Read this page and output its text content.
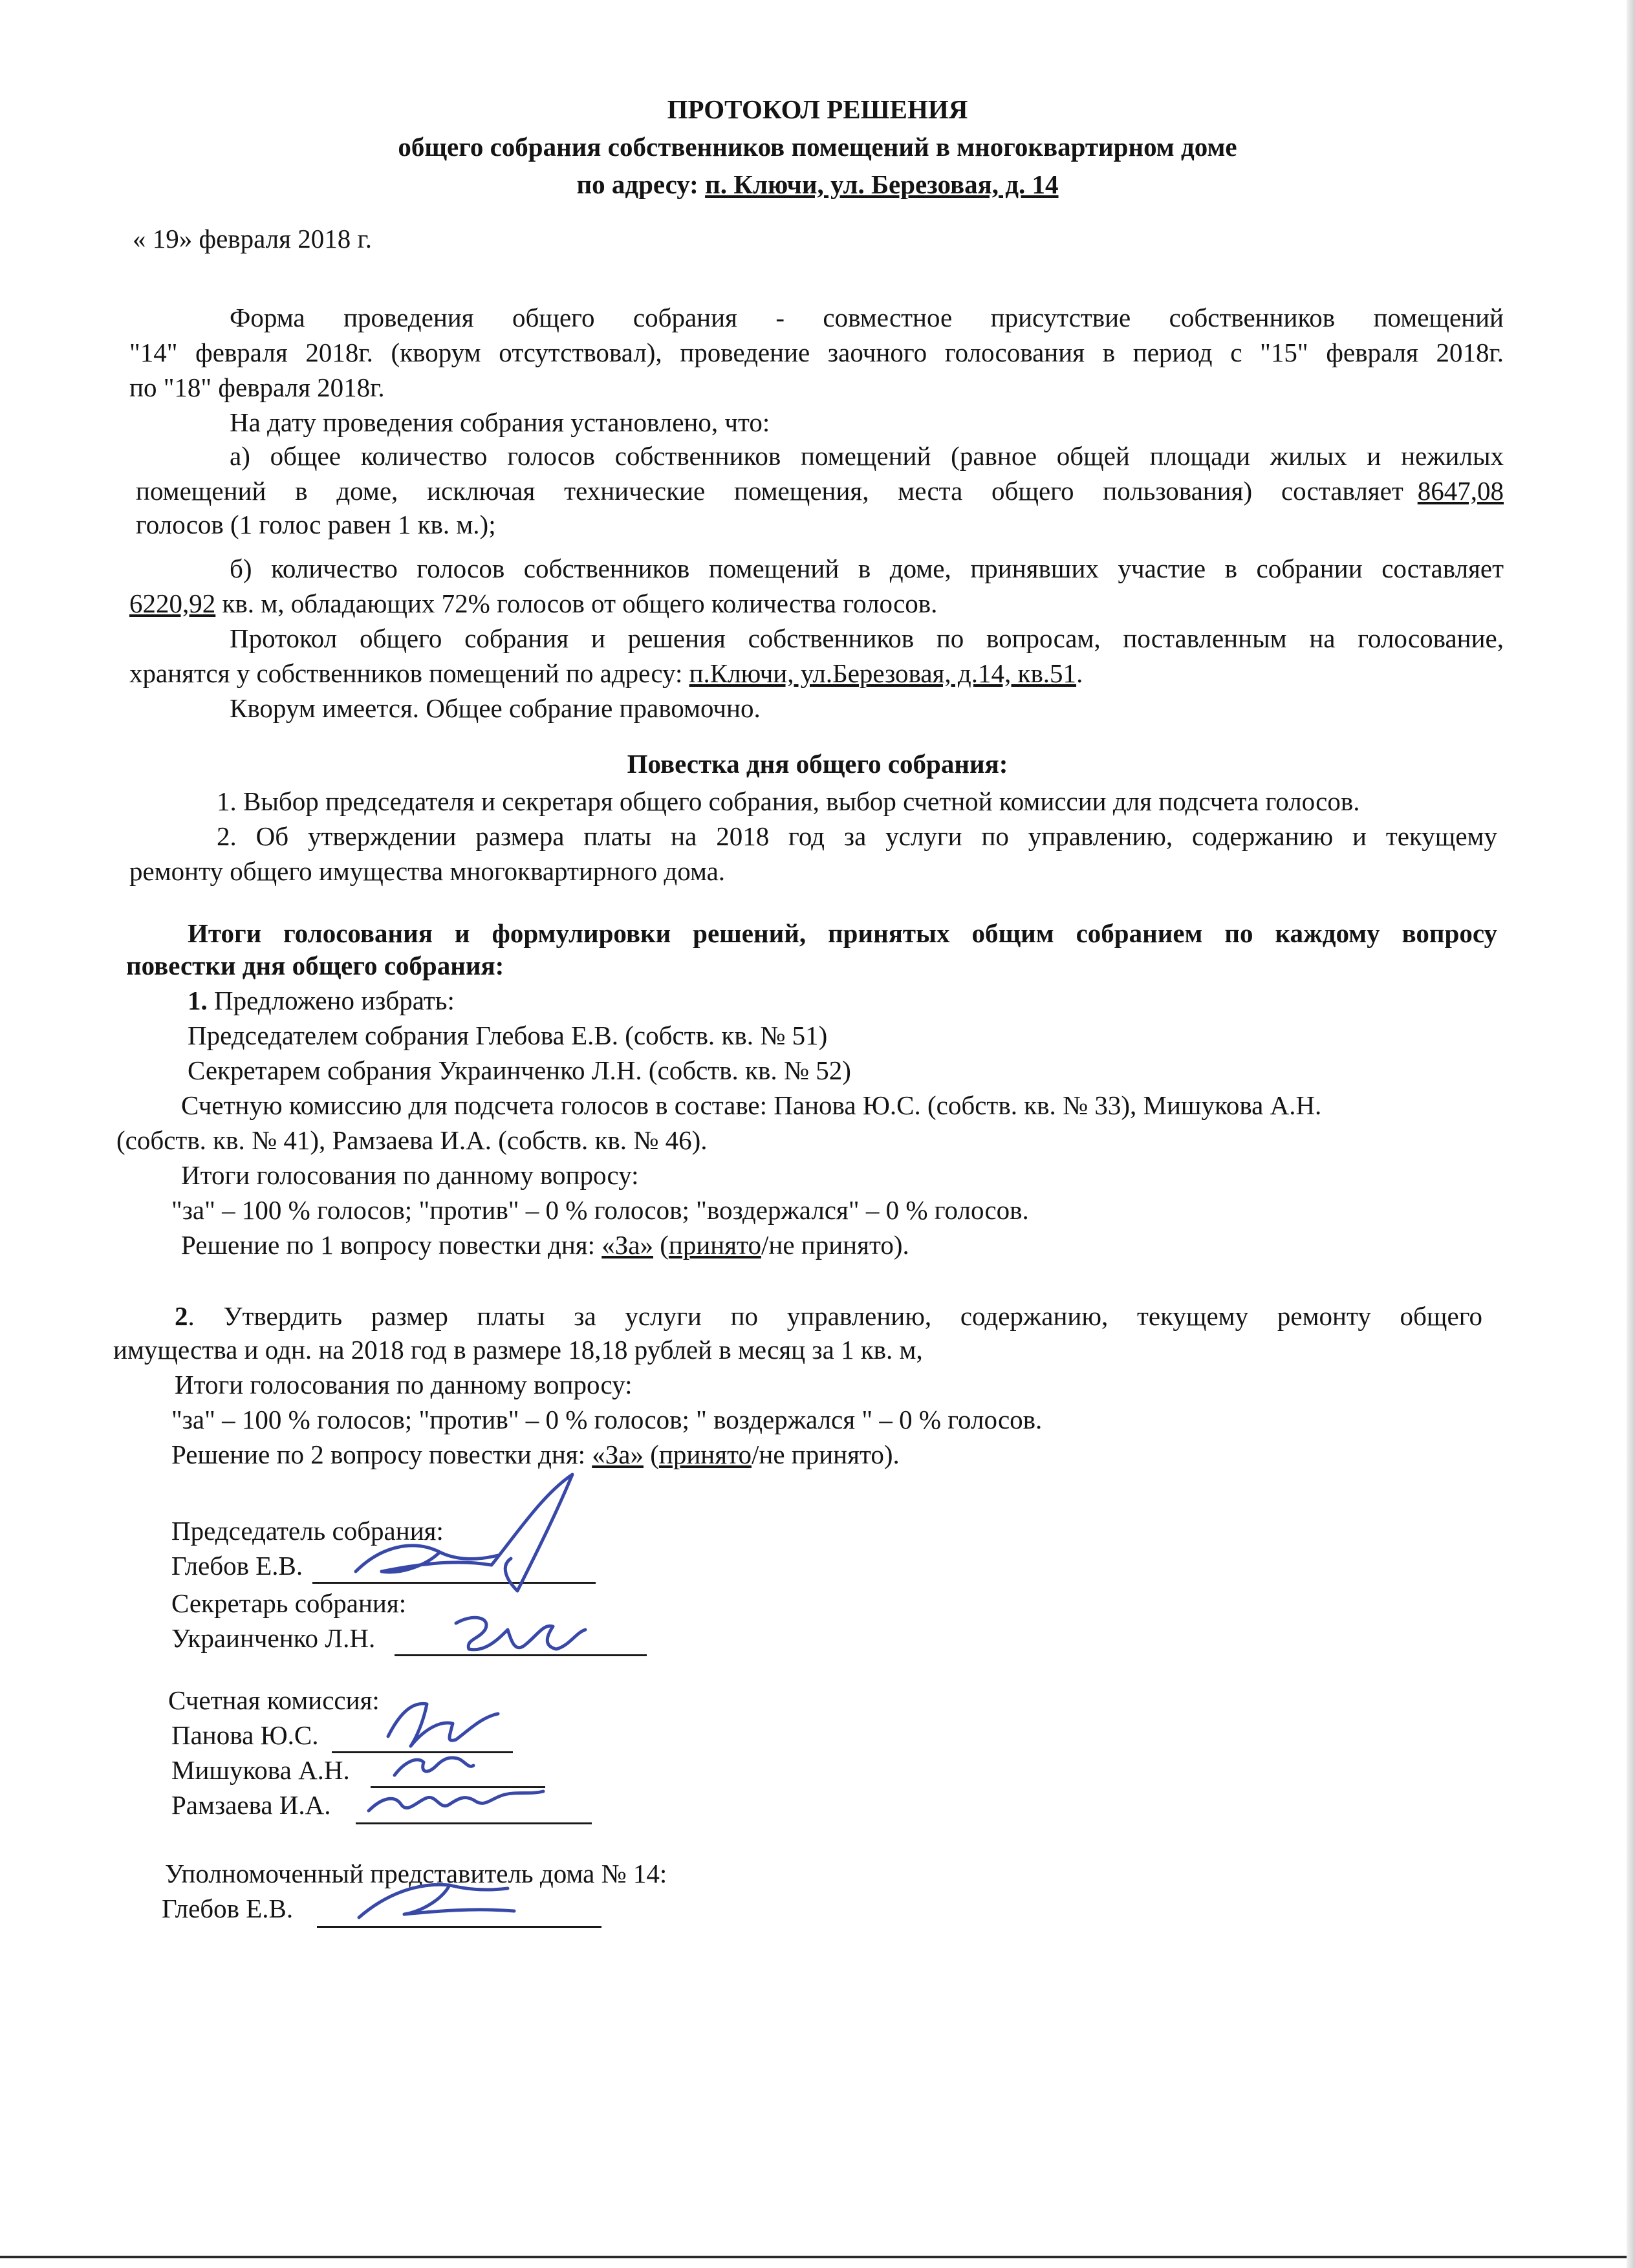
ПРОТОКОЛ РЕШЕНИЯ
общего собрания собственников помещений в многоквартирном доме
по адресу: п. Ключи, ул. Березовая, д. 14
« 19» февраля 2018 г.
Форма проведения общего собрания - совместное присутствие собственников помещений
"14" февраля 2018г. (кворум отсутствовал), проведение заочного голосования в период с "15" февраля 2018г.
по "18" февраля 2018г.
На дату проведения собрания установлено, что:
а) общее количество голосов собственников помещений (равное общей площади жилых и нежилых
помещений в доме, исключая технические помещения, места общего пользования) составляет 8647,08
голосов (1 голос равен 1 кв. м.);
б) количество голосов собственников помещений в доме, принявших участие в собрании составляет
6220,92 кв. м, обладающих 72% голосов от общего количества голосов.
Протокол общего собрания и решения собственников по вопросам, поставленным на голосование,
хранятся у собственников помещений по адресу: п.Ключи, ул.Березовая, д.14, кв.51.
Кворум имеется. Общее собрание правомочно.
Повестка дня общего собрания:
1. Выбор председателя и секретаря общего собрания, выбор счетной комиссии для подсчета голосов.
2. Об утверждении размера платы на 2018 год за услуги по управлению, содержанию и текущему
ремонту общего имущества многоквартирного дома.
Итоги голосования и формулировки решений, принятых общим собранием по каждому вопросу
повестки дня общего собрания:
1. Предложено избрать:
Председателем собрания Глебова Е.В. (собств. кв. № 51)
Секретарем собрания Украинченко Л.Н. (собств. кв. № 52)
Счетную комиссию для подсчета голосов в составе: Панова Ю.С. (собств. кв. № 33), Мишукова А.Н.
(собств. кв. № 41), Рамзаева И.А. (собств. кв. № 46).
Итоги голосования по данному вопросу:
"за" – 100 % голосов; "против" – 0 % голосов; "воздержался" – 0 % голосов.
Решение по 1 вопросу повестки дня: «За» (принято/не принято).
2. Утвердить размер платы за услуги по управлению, содержанию, текущему ремонту общего
имущества и одн. на 2018 год в размере 18,18 рублей в месяц за 1 кв. м,
Итоги голосования по данному вопросу:
"за" – 100 % голосов; "против" – 0 % голосов; " воздержался " – 0 % голосов.
Решение по 2 вопросу повестки дня: «За» (принято/не принято).
Председатель собрания:
Глебов Е.В.
Секретарь собрания:
Украинченко Л.Н.
Счетная комиссия:
Панова Ю.С.
Мишукова А.Н.
Рамзаева И.А.
Уполномоченный представитель дома № 14:
Глебов Е.В.
